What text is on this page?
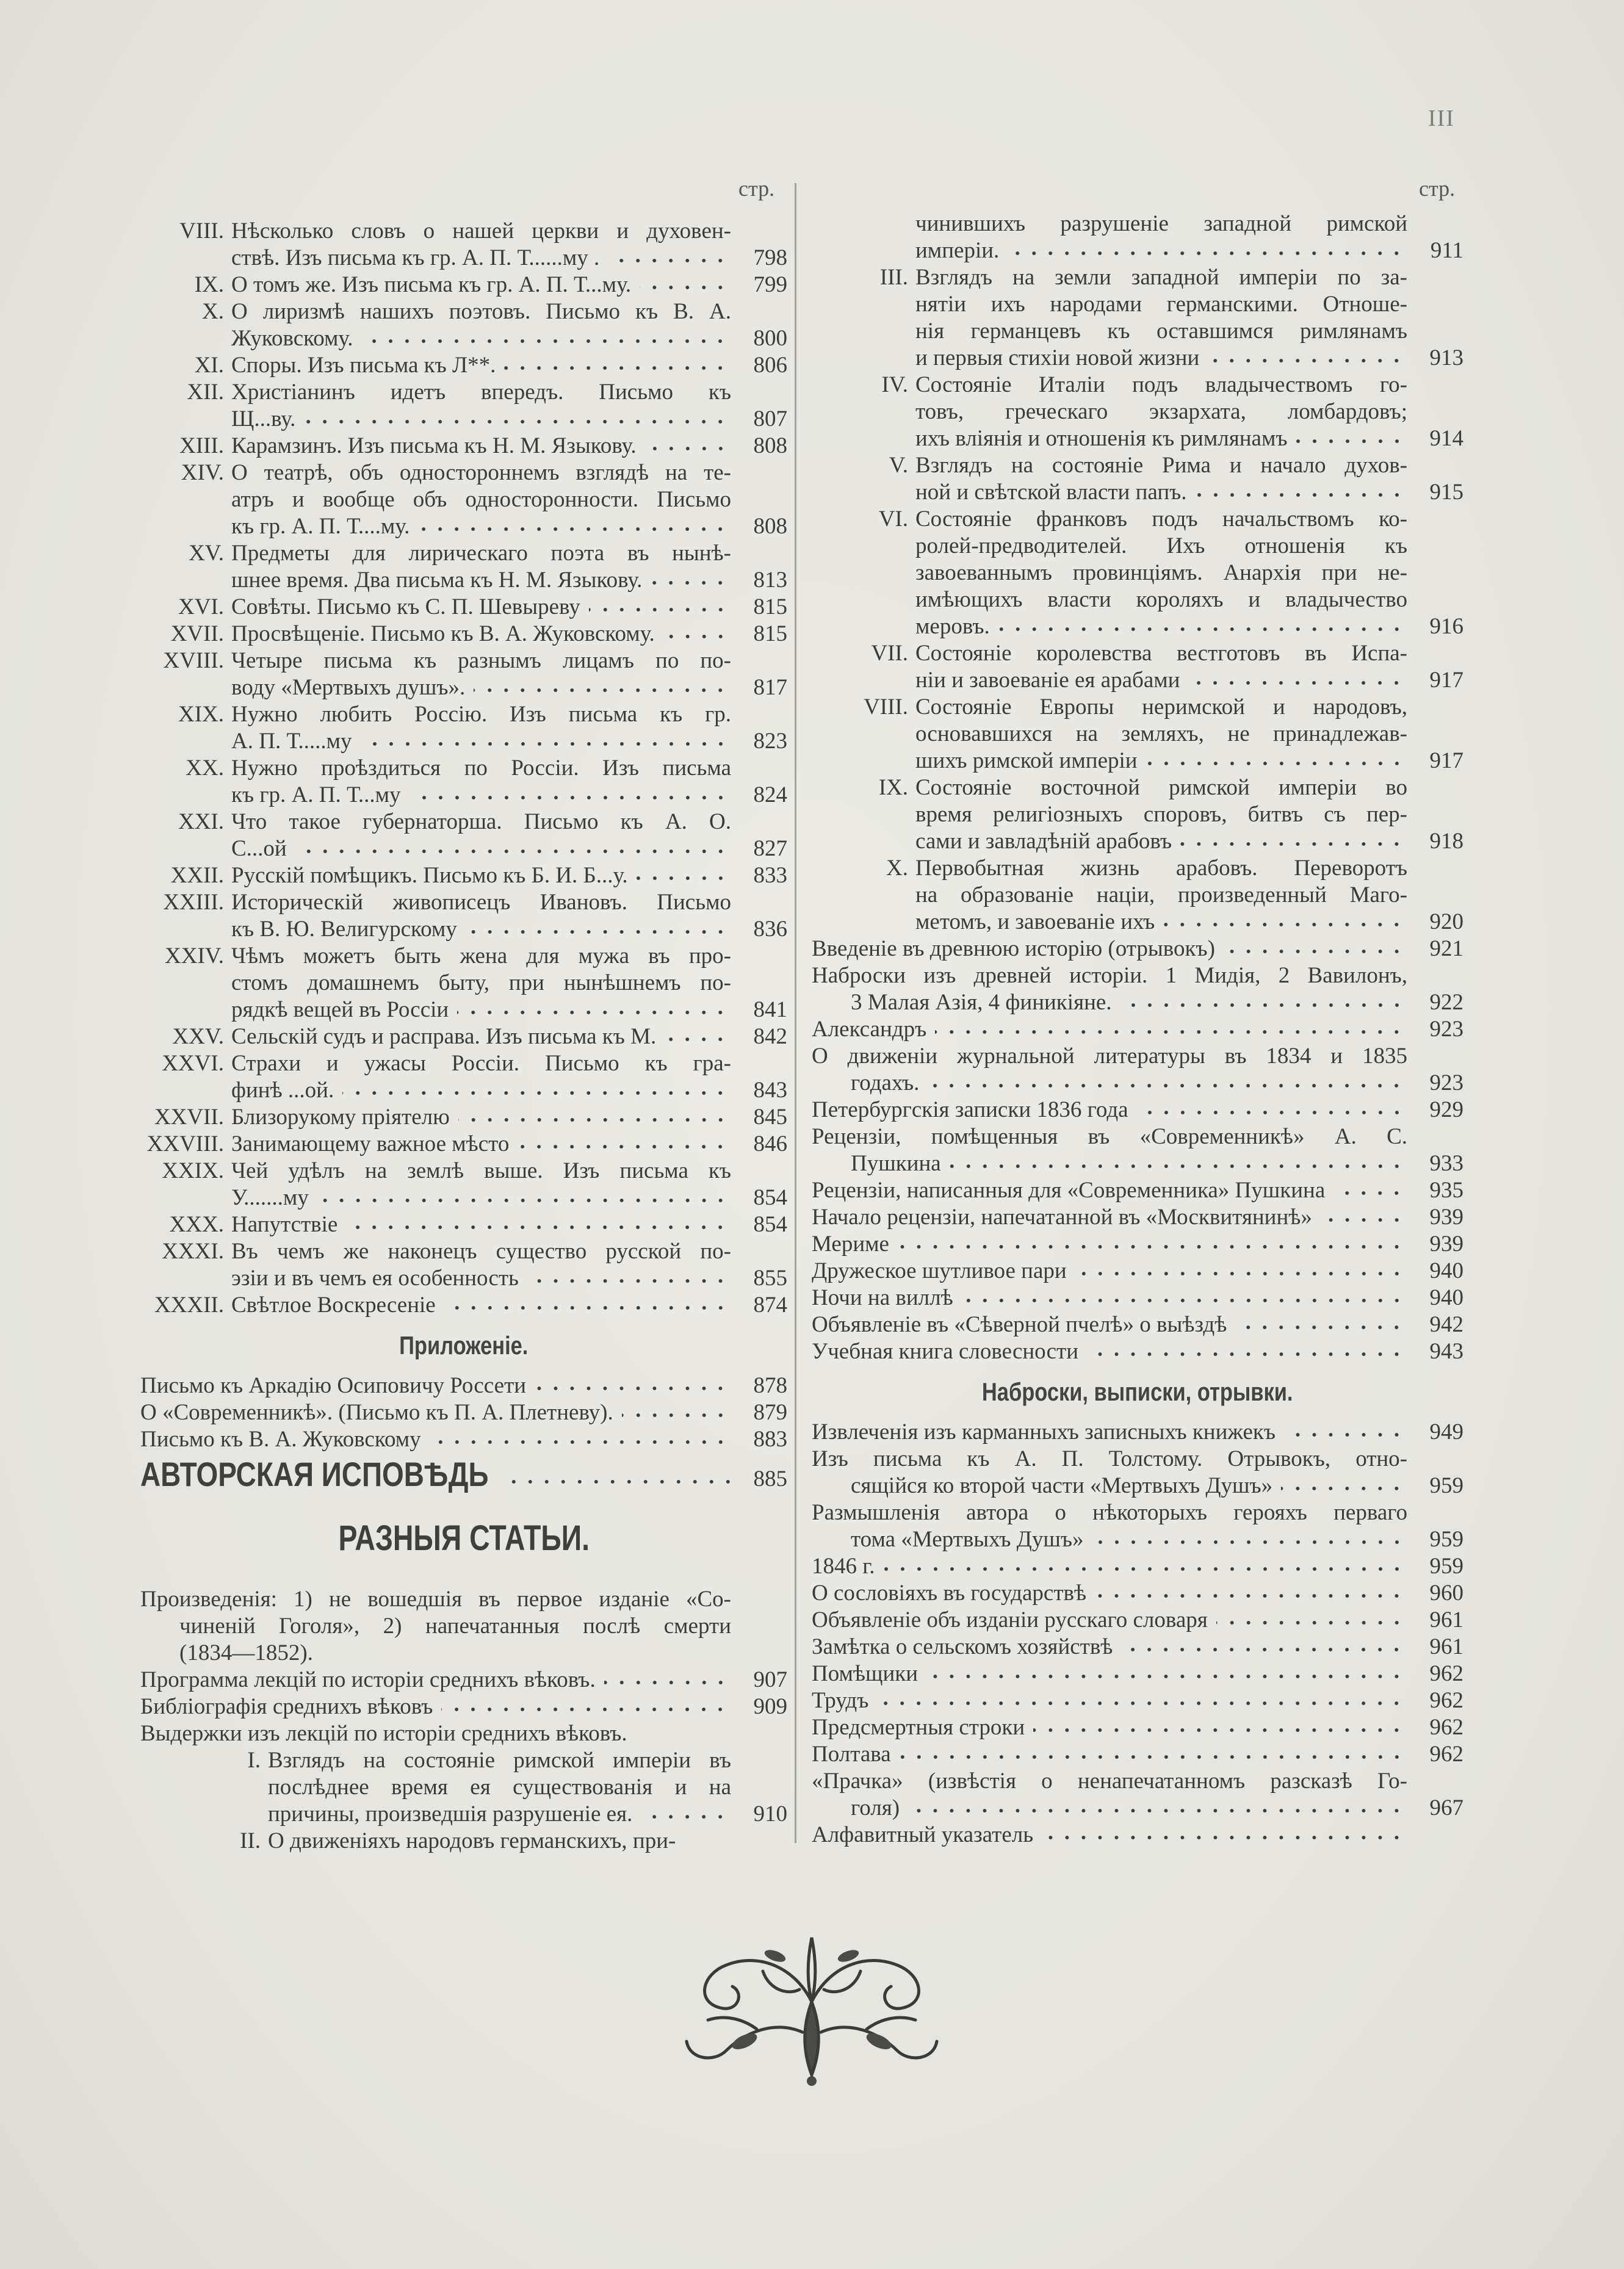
III
стр.	стр.
VIII. Нѣсколько словъ о нашей церкви и духовен-
ствѣ. Изъ письма къ гр. А. П. Т......му .	798
IX. О томъ же. Изъ письма къ гр. А. П. Т...му.	799
X. О лиризмѣ нашихъ поэтовъ. Письмо къ В. А.
Жуковскому.	800
XI. Споры. Изъ письма къ Л**.	806
XII. Христіанинъ идетъ впередъ. Письмо къ
Щ...ву.	807
XIII. Карамзинъ. Изъ письма къ Н. М. Языкову.	808
XIV. О театрѣ, объ одностороннемъ взглядѣ на те-
атръ и вообще объ односторонности. Письмо
къ гр. А. П. Т....му.	808
XV. Предметы для лирическаго поэта въ нынѣ-
шнее время. Два письма къ Н. М. Языкову.	813
XVI. Совѣты. Письмо къ С. П. Шевыреву	815
XVII. Просвѣщеніе. Письмо къ В. А. Жуковскому.	815
XVIII. Четыре письма къ разнымъ лицамъ по по-
воду «Мертвыхъ душъ».	817
XIX. Нужно любить Россію. Изъ письма къ гр.
А. П. Т.....му	823
XX. Нужно проѣздиться по Россіи. Изъ письма
къ гр. А. П. Т...му	824
XXI. Что такое губернаторша. Письмо къ А. О.
С...ой	827
XXII. Русскій помѣщикъ. Письмо къ Б. И. Б...у.	833
XXIII. Историческій живописецъ Ивановъ. Письмо
къ В. Ю. Велигурскому	836
XXIV. Чѣмъ можетъ быть жена для мужа въ про-
стомъ домашнемъ быту, при нынѣшнемъ по-
рядкѣ вещей въ Россіи	841
XXV. Сельскій судъ и расправа. Изъ письма къ М.	842
XXVI. Страхи и ужасы Россіи. Письмо къ гра-
финѣ ...ой.	843
XXVII. Близорукому пріятелю	845
XXVIII. Занимающему важное мѣсто	846
XXIX. Чей удѣлъ на землѣ выше. Изъ письма къ
У.......му	854
XXX. Напутствіе	854
XXXI. Въ чемъ же наконецъ существо русской по-
эзіи и въ чемъ ея особенность	855
XXXII. Свѣтлое Воскресеніе	874
Приложеніе.
Письмо къ Аркадію Осиповичу Россети	878
О «Современникѣ». (Письмо къ П. А. Плетневу).	879
Письмо къ В. А. Жуковскому	883
АВТОРСКАЯ ИСПОВѢДЬ	885
РАЗНЫЯ СТАТЬИ.
Произведенія: 1) не вошедшія въ первое изданіе «Со-
чиненій Гоголя», 2) напечатанныя послѣ смерти
(1834—1852).
Программа лекцій по исторіи среднихъ вѣковъ.	907
Библіографія среднихъ вѣковъ	909
Выдержки изъ лекцій по исторіи среднихъ вѣковъ.
I. Взглядъ на состояніе римской имперіи въ
послѣднее время ея существованія и на
причины, произведшія разрушеніе ея.	910
II. О движеніяхъ народовъ германскихъ, при-
чинившихъ разрушеніе западной римской
имперіи.	911
III. Взглядъ на земли западной имперіи по за-
нятіи ихъ народами германскими. Отноше-
нія германцевъ къ оставшимся римлянамъ
и первыя стихіи новой жизни	913
IV. Состояніе Италіи подъ владычествомъ го-
товъ, греческаго экзархата, ломбардовъ;
ихъ вліянія и отношенія къ римлянамъ	914
V. Взглядъ на состояніе Рима и начало духов-
ной и свѣтской власти папъ.	915
VI. Состояніе франковъ подъ начальствомъ ко-
ролей-предводителей. Ихъ отношенія къ
завоеваннымъ провинціямъ. Анархія при не-
имѣющихъ власти короляхъ и владычество
меровъ.	916
VII. Состояніе королевства вестготовъ въ Испа-
ніи и завоеваніе ея арабами	917
VIII. Состояніе Европы неримской и народовъ,
основавшихся на земляхъ, не принадлежав-
шихъ римской имперіи	917
IX. Состояніе восточной римской имперіи во
время религіозныхъ споровъ, битвъ съ пер-
сами и завладѣній арабовъ	918
X. Первобытная жизнь арабовъ. Переворотъ
на образованіе націи, произведенный Маго-
метомъ, и завоеваніе ихъ	920
Введеніе въ древнюю исторію (отрывокъ)	921
Наброски изъ древней исторіи. 1 Мидія, 2 Вавилонъ,
3 Малая Азія, 4 финикіяне.	922
Александръ	923
О движеніи журнальной литературы въ 1834 и 1835
годахъ.	923
Петербургскія записки 1836 года	929
Рецензіи, помѣщенныя въ «Современникѣ» А. С.
Пушкина	933
Рецензіи, написанныя для «Современника» Пушкина	935
Начало рецензіи, напечатанной въ «Москвитянинѣ»	939
Мериме	939
Дружеское шутливое пари	940
Ночи на виллѣ	940
Объявленіе въ «Сѣверной пчелѣ» о выѣздѣ	942
Учебная книга словесности	943
Наброски, выписки, отрывки.
Извлеченія изъ карманныхъ записныхъ книжекъ	949
Изъ письма къ А. П. Толстому. Отрывокъ, отно-
сящійся ко второй части «Мертвыхъ Душъ»	959
Размышленія автора о нѣкоторыхъ герояхъ перваго
тома «Мертвыхъ Душъ»	959
1846 г.	959
О сословіяхъ въ государствѣ	960
Объявленіе объ изданіи русскаго словаря	961
Замѣтка о сельскомъ хозяйствѣ	961
Помѣщики	962
Трудъ	962
Предсмертныя строки	962
Полтава	962
«Прачка» (извѣстія о ненапечатанномъ разсказѣ Го-
голя)	967
Алфавитный указатель
